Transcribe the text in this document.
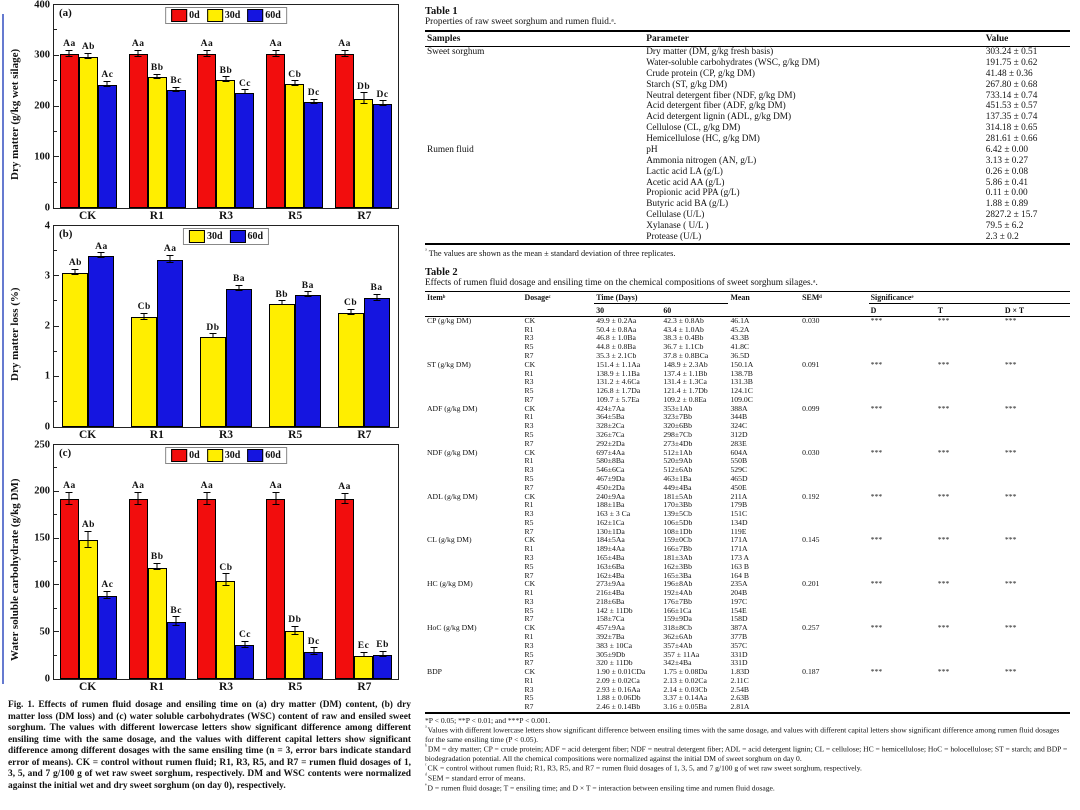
Dry matter (g/kg wet silage)
(a)	0d	30d	60d
0
100
200
300
400
Aa Ab
Ac
Aa
Bb
Bc
Aa
Bb
Cc
Aa
Cb
Dc
Aa
Db
Dc
CK	R1	R3	R5	R7
Dry matter loss (%)
(b)	30d	60d
0
1
2
3
4
Ab
Aa
Cb
Aa
Db
Ba
Bb
Ba
Cb
Ba
CK	R1	R3	R5	R7
Water soluble carbohydrate (g/kg DM)
(c)	0d	30d	60d
0
50
100
150
200
250
Aa
Ab
Ac
Aa
Bb
Bc
Aa
Cb
Cc
Aa
Db
Dc
Aa
Ec Eb
CK	R1	R3	R5	R7
Fig. 1. Effects of rumen fluid dosage and ensiling time on (a) dry matter (DM) content, (b) dry matter loss (DM loss) and (c) water soluble carbohydrates (WSC) content of raw and ensiled sweet sorghum. The values with different lowercase letters show significant difference among different ensiling time with the same dosage, and the values with different capital letters show significant difference among different dosages with the same ensiling time (n = 3, error bars indicate standard error of means). CK = control without rumen fluid; R1, R3, R5, and R7 = rumen fluid dosages of 1, 3, 5, and 7 g/100 g of wet raw sweet sorghum, respectively. DM and WSC contents were normalized against the initial wet and dry sweet sorghum (on day 0), respectively.
Table 1
Properties of raw sweet sorghum and rumen fluid.ᵃ.
Samples	Parameter	Value
Sweet sorghum	Dry matter (DM, g/kg fresh basis)	303.24 ± 0.51
	Water-soluble carbohydrates (WSC, g/kg DM)	191.75 ± 0.62
	Crude protein (CP, g/kg DM)	41.48 ± 0.36
	Starch (ST, g/kg DM)	267.80 ± 0.68
	Neutral detergent fiber (NDF, g/kg DM)	733.14 ± 0.74
	Acid detergent fiber (ADF, g/kg DM)	451.53 ± 0.57
	Acid detergent lignin (ADL, g/kg DM)	137.35 ± 0.74
	Cellulose (CL, g/kg DM)	314.18 ± 0.65
	Hemicellulose (HC, g/kg DM)	281.61 ± 0.66
Rumen fluid	pH	6.42 ± 0.00
	Ammonia nitrogen (AN, g/L)	3.13 ± 0.27
	Lactic acid LA (g/L)	0.26 ± 0.08
	Acetic acid AA (g/L)	5.86 ± 0.41
	Propionic acid PPA (g/L)	0.11 ± 0.00
	Butyric acid BA (g/L)	1.88 ± 0.89
	Cellulase (U/L)	2827.2 ± 15.7
	Xylanase ( U/L )	79.5 ± 6.2
	Protease (U/L)	2.3 ± 0.2
$^ᵃ$ The values are shown as the mean ± standard deviation of three replicates.
Table 2
Effects of rumen fluid dosage and ensiling time on the chemical compositions of sweet sorghum silages.ᵃ.
Itemᵇ	Dosageᶜ	Time (Days)		Mean	SEMᵈ	Significanceᵉ		
		30	60			D	T	D × T
CP (g/kg DM)	CK	49.9 ± 0.2Aa	42.3 ± 0.8Ab	46.1A	0.030	***	***	***
	R1	50.4 ± 0.8Aa	43.4 ± 1.0Ab	45.2A				
	R3	46.8 ± 1.0Ba	38.3 ± 0.4Bb	43.3B				
	R5	44.8 ± 0.8Ba	36.7 ± 1.1Cb	41.8C				
	R7	35.3 ± 2.1Cb	37.8 ± 0.8BCa	36.5D				
ST (g/kg DM)	CK	151.4 ± 1.1Aa	148.9 ± 2.3Ab	150.1A	0.091	***	***	***
	R1	138.9 ± 1.1Ba	137.4 ± 1.1Bb	138.7B				
	R3	131.2 ± 4.6Ca	131.4 ± 1.3Ca	131.3B				
	R5	126.8 ± 1.7Da	121.4 ± 1.7Db	124.1C				
	R7	109.7 ± 5.7Ea	109.2 ± 0.8Ea	109.0C				
ADF (g/kg DM)	CK	424±7Aa	353±1Ab	388A	0.099	***	***	***
	R1	364±5Ba	323±7Bb	344B				
	R3	328±2Ca	320±6Bb	324C				
	R5	326±7Ca	298±7Cb	312D				
	R7	292±2Da	273±4Db	283E				
NDF (g/kg DM)	CK	697±4Aa	512±1Ab	604A	0.030	***	***	***
	R1	580±8Ba	520±9Ab	550B				
	R3	546±6Ca	512±6Ab	529C				
	R5	467±9Da	463±1Ba	465D				
	R7	450±2Da	449±4Ba	450E				
ADL (g/kg DM)	CK	240±9Aa	181±5Ab	211A	0.192	***	***	***
	R1	188±1Ba	170±3Bb	179B				
	R3	163 ± 3 Ca	139±5Cb	151C				
	R5	162±1Ca	106±5Db	134D				
	R7	130±1Da	108±1Db	119E				
CL (g/kg DM)	CK	184±5Aa	159±0Cb	171A	0.145	***	***	***
	R1	189±4Aa	166±7Bb	171A				
	R3	165±4Ba	181±3Ab	173 A				
	R5	163±6Ba	162±3Bb	163 B				
	R7	162±4Ba	165±3Ba	164 B				
HC (g/kg DM)	CK	273±9Aa	196±8Ab	235A	0.201	***	***	***
	R1	216±4Ba	192±4Ab	204B				
	R3	218±6Ba	176±7Bb	197C				
	R5	142 ± 11Db	166±1Ca	154E				
	R7	158±7Ca	159±9Da	158D				
HoC (g/kg DM)	CK	457±9Aa	318±8Cb	387A	0.257	***	***	***
	R1	392±7Ba	362±6Ab	377B				
	R3	383 ± 10Ca	357±4Ab	357C				
	R5	305±9Db	357 ± 11Aa	331D				
	R7	320 ± 11Db	342±4Ba	331D				
BDP	CK	1.90 ± 0.01CDa	1.75 ± 0.08Da	1.83D	0.187	***	***	***
	R1	2.09 ± 0.02Ca	2.13 ± 0.02Ca	2.11C				
	R3	2.93 ± 0.16Aa	2.14 ± 0.03Cb	2.54B				
	R5	1.88 ± 0.06Db	3.37 ± 0.14Aa	2.63B				
	R7	2.46 ± 0.14Bb	3.16 ± 0.05Ba	2.81A				
*P < 0.05; **P < 0.01; and ***P < 0.001.
$^ᵃ$Values with different lowercase letters show significant difference between ensiling times with the same dosage, and values with different capital letters show significant difference among rumen fluid dosages for the same ensiling time (P < 0.05).
$^ᵇ$DM = dry matter; CP = crude protein; ADF = acid detergent fiber; NDF = neutral detergent fiber; ADL = acid detergent lignin; CL = cellulose; HC = hemicellulose; HoC = holocellulose; ST = starch; and BDP = biodegradation potential. All the chemical compositions were normalized against the initial DM of sweet sorghum on day 0.
$^ᶜ$CK = control without rumen fluid; R1, R3, R5, and R7 = rumen fluid dosages of 1, 3, 5, and 7 g/100 g of wet raw sweet sorghum, respectively.
$^ᵈ$SEM = standard error of means.
$^ᵉ$D = rumen fluid dosage; T = ensiling time; and D × T = interaction between ensiling time and rumen fluid dosage.
